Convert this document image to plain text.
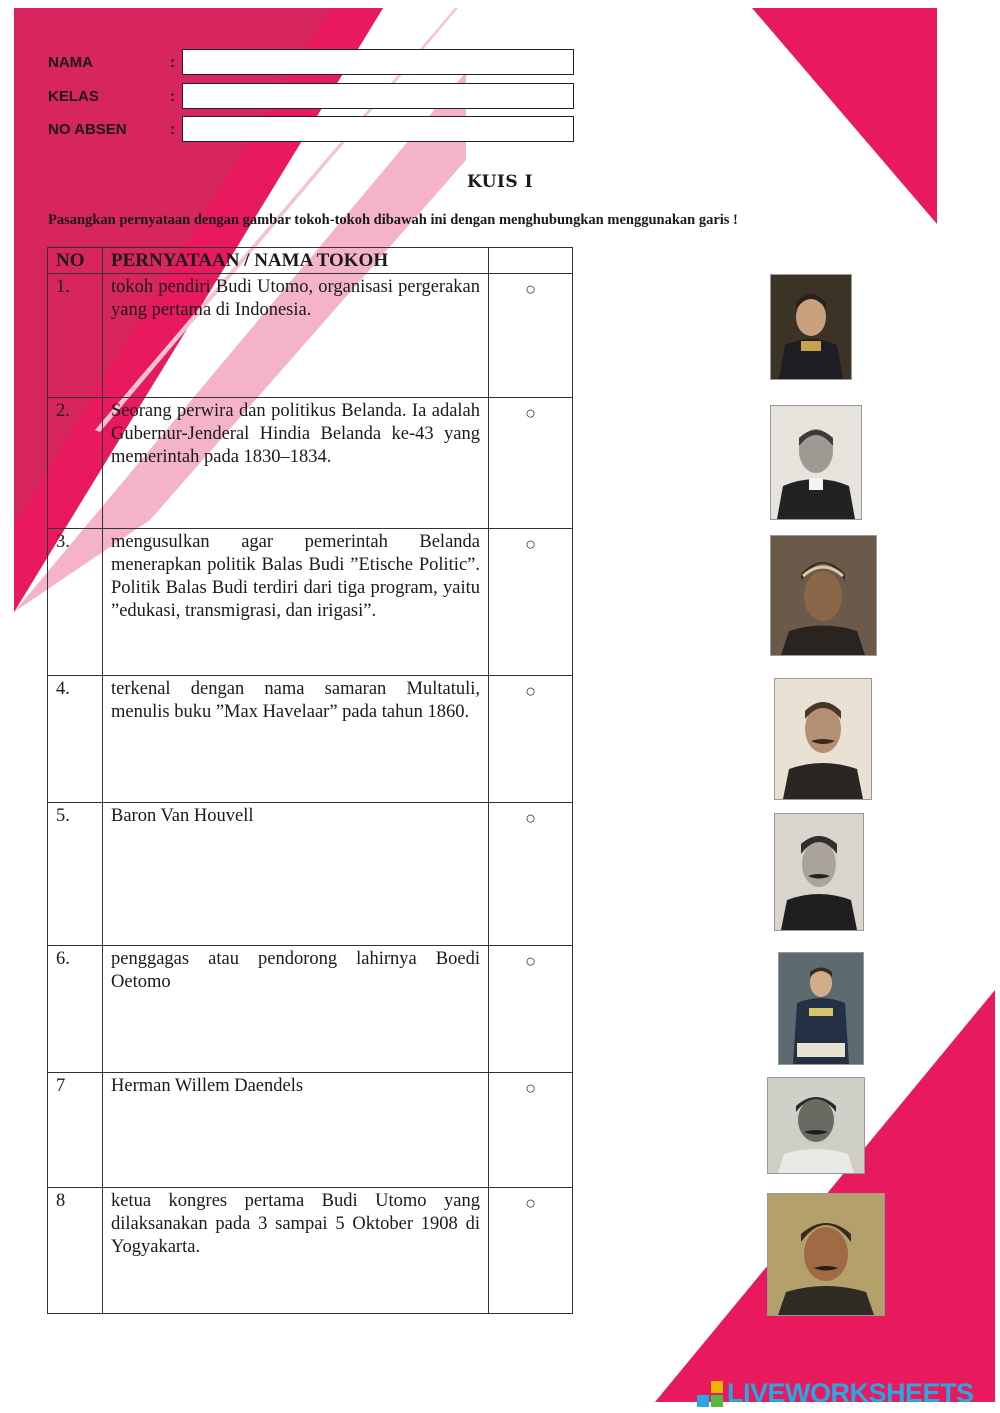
NAMA	:
KELAS	:
NO ABSEN	:
KUIS I
Pasangkan pernyataan dengan gambar tokoh-tokoh dibawah ini dengan menghubungkan menggunakan garis !
NO	PERNYATAAN / NAMA TOKOH	
1.	tokoh pendiri Budi Utomo, organisasi pergerakan yang pertama di Indonesia.	○
2.	Seorang perwira dan politikus Belanda. Ia adalah Gubernur-Jenderal Hindia Belanda ke-43 yang memerintah pada 1830–1834.	○
3.	mengusulkan agar pemerintah Belanda menerapkan politik Balas Budi ”Etische Politic”. Politik Balas Budi terdiri dari tiga program, yaitu ”edukasi, transmigrasi, dan irigasi”.	○
4.	terkenal dengan nama samaran Multatuli, menulis buku ”Max Havelaar” pada tahun 1860.	○
5.	Baron Van Houvell	○
6.	penggagas atau pendorong lahirnya Boedi Oetomo	○
7	Herman Willem Daendels	○
8	ketua kongres pertama Budi Utomo yang dilaksanakan pada 3 sampai 5 Oktober 1908 di Yogyakarta.	○
LIVEWORKSHEETS
